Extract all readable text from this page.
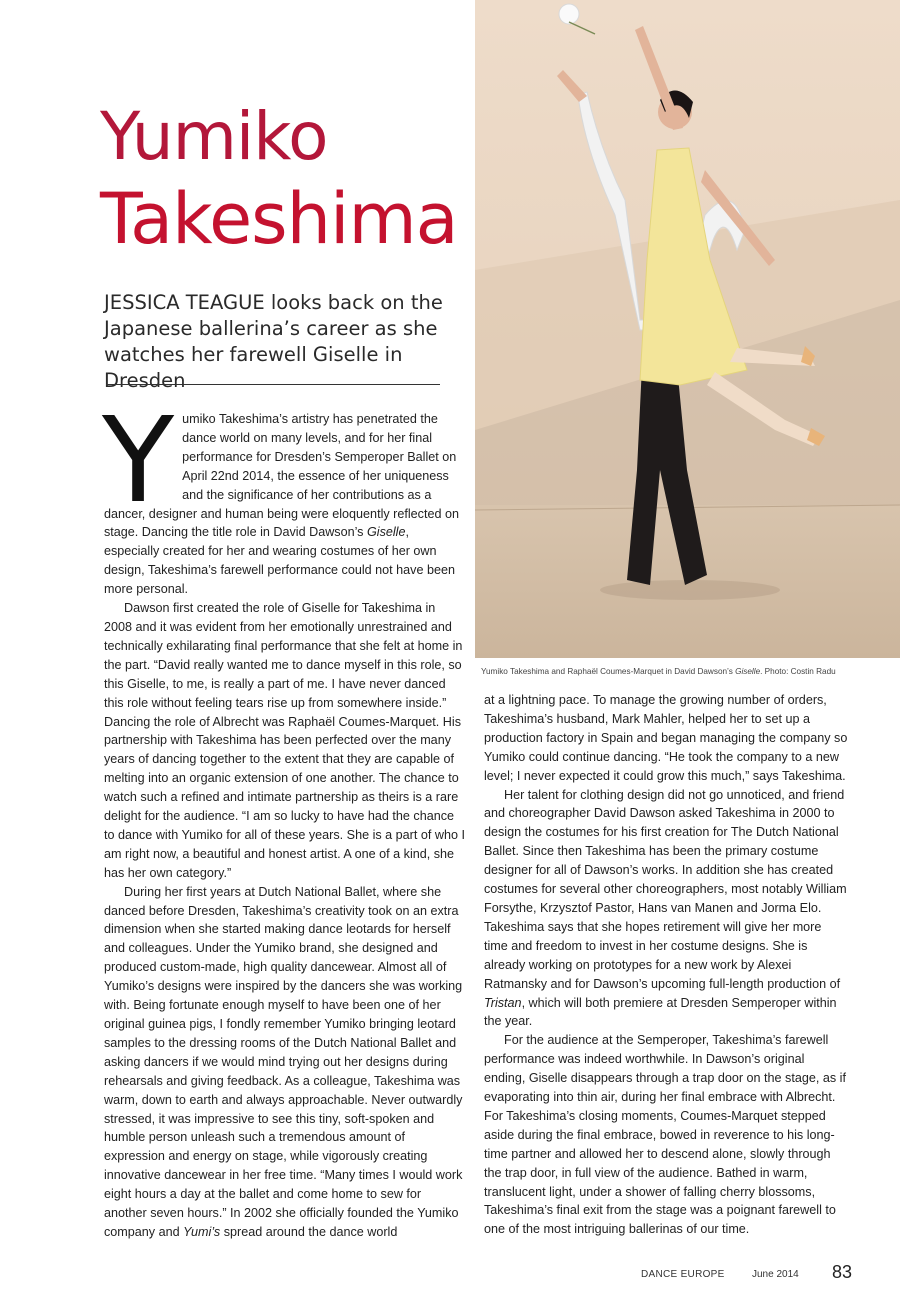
Yumiko
Takeshima
JESSICA TEAGUE looks back on the Japanese ballerina’s career as she watches her farewell Giselle in Dresden

Yumiko Takeshima’s artistry has penetrated the dance world on many levels, and for her final performance for Dresden’s Semperoper Ballet on April 22nd 2014, the essence of her uniqueness and the significance of her contributions as a dancer, designer and human being were eloquently reflected on stage. Dancing the title role in David Dawson’s Giselle, especially created for her and wearing costumes of her own design, Takeshima’s farewell performance could not have been more personal.

Dawson first created the role of Giselle for Takeshima in 2008 and it was evident from her emotionally unrestrained and technically exhilarating final performance that she felt at home in the part. “David really wanted me to dance myself in this role, so this Giselle, to me, is really a part of me. I have never danced this role without feeling tears rise up from somewhere inside.” Dancing the role of Albrecht was Raphaël Coumes-Marquet. His partnership with Takeshima has been perfected over the many years of dancing together to the extent that they are capable of melting into an organic extension of one another. The chance to watch such a refined and intimate partnership as theirs is a rare delight for the audience. “I am so lucky to have had the chance to dance with Yumiko for all of these years. She is a part of who I am right now, a beautiful and honest artist. A one of a kind, she has her own category.”

During her first years at Dutch National Ballet, where she danced before Dresden, Takeshima’s creativity took on an extra dimension when she started making dance leotards for herself and colleagues. Under the Yumiko brand, she designed and produced custom-made, high quality dancewear. Almost all of Yumiko’s designs were inspired by the dancers she was working with. Being fortunate enough myself to have been one of her original guinea pigs, I fondly remember Yumiko bringing leotard samples to the dressing rooms of the Dutch National Ballet and asking dancers if we would mind trying out her designs during rehearsals and giving feedback. As a colleague, Takeshima was warm, down to earth and always approachable. Never outwardly stressed, it was impressive to see this tiny, soft-spoken and humble person unleash such a tremendous amount of expression and energy on stage, while vigorously creating innovative dancewear in her free time. “Many times I would work eight hours a day at the ballet and come home to sew for another seven hours.” In 2002 she officially founded the Yumiko company and Yumi’s spread around the dance world

Yumiko Takeshima and Raphaël Coumes-Marquet in David Dawson’s Giselle. Photo: Costin Radu

at a lightning pace. To manage the growing number of orders, Takeshima’s husband, Mark Mahler, helped her to set up a production factory in Spain and began managing the company so Yumiko could continue dancing. “He took the company to a new level; I never expected it could grow this much,” says Takeshima.

Her talent for clothing design did not go unnoticed, and friend and choreographer David Dawson asked Takeshima in 2000 to design the costumes for his first creation for The Dutch National Ballet. Since then Takeshima has been the primary costume designer for all of Dawson’s works. In addition she has created costumes for several other choreographers, most notably William Forsythe, Krzysztof Pastor, Hans van Manen and Jorma Elo. Takeshima says that she hopes retirement will give her more time and freedom to invest in her costume designs. She is already working on prototypes for a new work by Alexei Ratmansky and for Dawson’s upcoming full-length production of Tristan, which will both premiere at Dresden Semperoper within the year.

For the audience at the Semperoper, Takeshima’s farewell performance was indeed worthwhile. In Dawson’s original ending, Giselle disappears through a trap door on the stage, as if evaporating into thin air, during her final embrace with Albrecht. For Takeshima’s closing moments, Coumes-Marquet stepped aside during the final embrace, bowed in reverence to his long-time partner and allowed her to descend alone, slowly through the trap door, in full view of the audience. Bathed in warm, translucent light, under a shower of falling cherry blossoms, Takeshima’s final exit from the stage was a poignant farewell to one of the most intriguing ballerinas of our time.

DANCE EUROPE	June 2014 83
